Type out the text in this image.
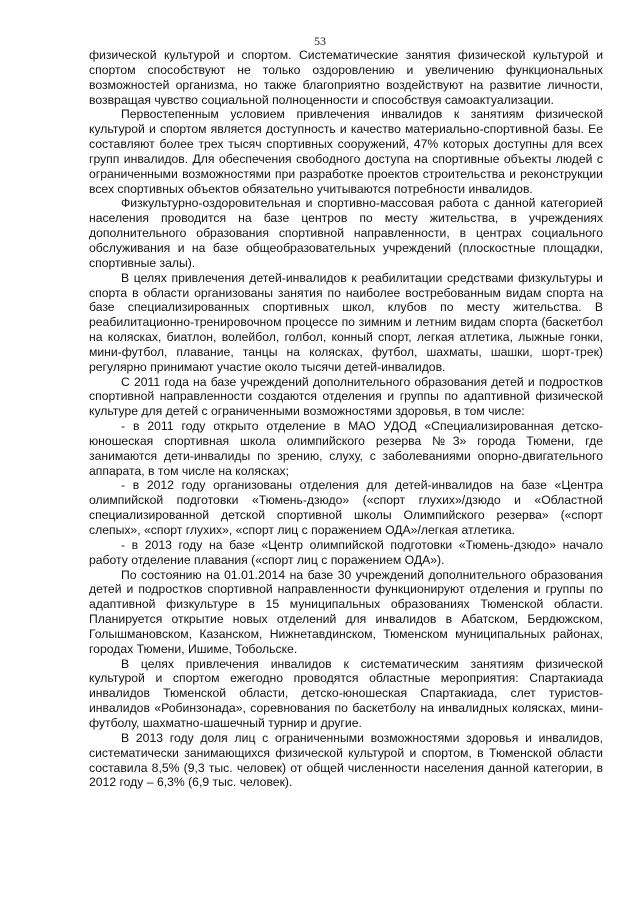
53

физической культурой и спортом. Систематические занятия физической культурой и спортом способствуют не только оздоровлению и увеличению функциональных возможностей организма, но также благоприятно воздействуют на развитие личности, возвращая чувство социальной полноценности и способствуя самоактуализации.

Первостепенным условием привлечения инвалидов к занятиям физической культурой и спортом является доступность и качество материально-спортивной базы. Ее составляют более трех тысяч спортивных сооружений, 47% которых доступны для всех групп инвалидов. Для обеспечения свободного доступа на спортивные объекты людей с ограниченными возможностями при разработке проектов строительства и реконструкции всех спортивных объектов обязательно учитываются потребности инвалидов.

Физкультурно-оздоровительная и спортивно-массовая работа с данной категорией населения проводится на базе центров по месту жительства, в учреждениях дополнительного образования спортивной направленности, в центрах социального обслуживания и на базе общеобразовательных учреждений (плоскостные площадки, спортивные залы).

В целях привлечения детей-инвалидов к реабилитации средствами физкультуры и спорта в области организованы занятия по наиболее востребованным видам спорта на базе специализированных спортивных школ, клубов по месту жительства. В реабилитационно-тренировочном процессе по зимним и летним видам спорта (баскетбол на колясках, биатлон, волейбол, голбол, конный спорт, легкая атлетика, лыжные гонки, мини-футбол, плавание, танцы на колясках, футбол, шахматы, шашки, шорт-трек) регулярно принимают участие около тысячи детей-инвалидов.

С 2011 года на базе учреждений дополнительного образования детей и подростков спортивной направленности создаются отделения и группы по адаптивной физической культуре для детей с ограниченными возможностями здоровья, в том числе:

- в 2011 году открыто отделение в МАО УДОД «Специализированная детско-юношеская спортивная школа олимпийского резерва №3» города Тюмени, где занимаются дети-инвалиды по зрению, слуху, с заболеваниями опорно-двигательного аппарата, в том числе на колясках;

- в 2012 году организованы отделения для детей-инвалидов на базе «Центра олимпийской подготовки «Тюмень-дзюдо» («спорт глухих»/дзюдо и «Областной специализированной детской спортивной школы Олимпийского резерва» («спорт слепых», «спорт глухих», «спорт лиц с поражением ОДА»/легкая атлетика.

- в 2013 году на базе «Центр олимпийской подготовки «Тюмень-дзюдо» начало работу отделение плавания («спорт лиц с поражением ОДА»).

По состоянию на 01.01.2014 на базе 30 учреждений дополнительного образования детей и подростков спортивной направленности функционируют отделения и группы по адаптивной физкультуре в 15 муниципальных образованиях Тюменской области. Планируется открытие новых отделений для инвалидов в Абатском, Бердюжском, Голышмановском, Казанском, Нижнетавдинском, Тюменском муниципальных районах, городах Тюмени, Ишиме, Тобольске.

В целях привлечения инвалидов к систематическим занятиям физической культурой и спортом ежегодно проводятся областные мероприятия: Спартакиада инвалидов Тюменской области, детско-юношеская Спартакиада, слет туристов-инвалидов «Робинзонада», соревнования по баскетболу на инвалидных колясках, мини-футболу, шахматно-шашечный турнир и другие.

В 2013 году доля лиц с ограниченными возможностями здоровья и инвалидов, систематически занимающихся физической культурой и спортом, в Тюменской области составила 8,5% (9,3 тыс. человек) от общей численности населения данной категории, в 2012 году – 6,3% (6,9 тыс. человек).
